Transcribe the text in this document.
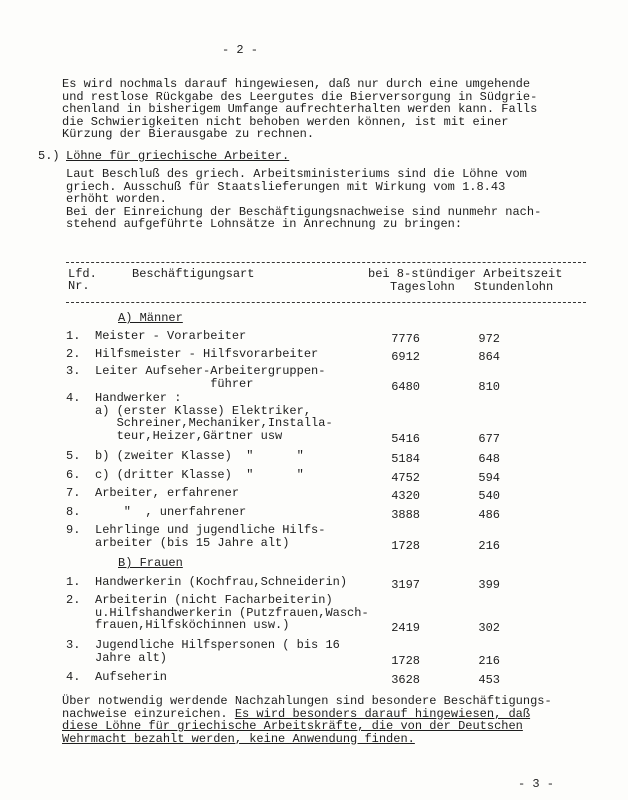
- 2 -
Es wird nochmals darauf hingewiesen, daß nur durch eine umgehende
und restlose Rückgabe des Leergutes die Bierversorgung in Südgrie-
chenland in bisherigem Umfange aufrechterhalten werden kann. Falls
die Schwierigkeiten nicht behoben werden können, ist mit einer
Kürzung der Bierausgabe zu rechnen.
5.) Löhne für griechische Arbeiter.
Laut Beschluß des griech. Arbeitsministeriums sind die Löhne vom
griech. Ausschuß für Staatslieferungen mit Wirkung vom 1.8.43
erhöht worden.
Bei der Einreichung der Beschäftigungsnachweise sind nunmehr nach-
stehend aufgeführte Lohnsätze in Anrechnung zu bringen:
Lfd.
Nr.
Beschäftigungsart	bei 8-stündiger Arbeitszeit
Tageslohn Stundenlohn
A) Männer
1. Meister - Vorarbeiter	7776	972
2. Hilfsmeister - Hilfsvorarbeiter	6912	864
3. Leiter Aufseher-Arbeitergruppen-
führer	6480	810
4. Handwerker :
a) (erster Klasse) Elektriker,
Schreiner,Mechaniker,Installa-
teur,Heizer,Gärtner usw	5416	677
5. b) (zweiter Klasse)  "      "	5184	648
6. c) (dritter Klasse)  "      "	4752	594
7. Arbeiter, erfahrener	4320	540
8. "  , unerfahrener	3888	486
9. Lehrlinge und jugendliche Hilfs-
arbeiter (bis 15 Jahre alt)	1728	216
B) Frauen
1. Handwerkerin (Kochfrau,Schneiderin)	3197	399
2. Arbeiterin (nicht Facharbeiterin)
u.Hilfshandwerkerin (Putzfrauen,Wasch-
frauen,Hilfsköchinnen usw.)	2419	302
3. Jugendliche Hilfspersonen ( bis 16
Jahre alt)	1728	216
4. Aufseherin	3628	453
Über notwendig werdende Nachzahlungen sind besondere Beschäftigungs-
nachweise einzureichen. Es wird besonders darauf hingewiesen, daß
diese Löhne für griechische Arbeitskräfte, die von der Deutschen
Wehrmacht bezahlt werden, keine Anwendung finden.
- 3 -
